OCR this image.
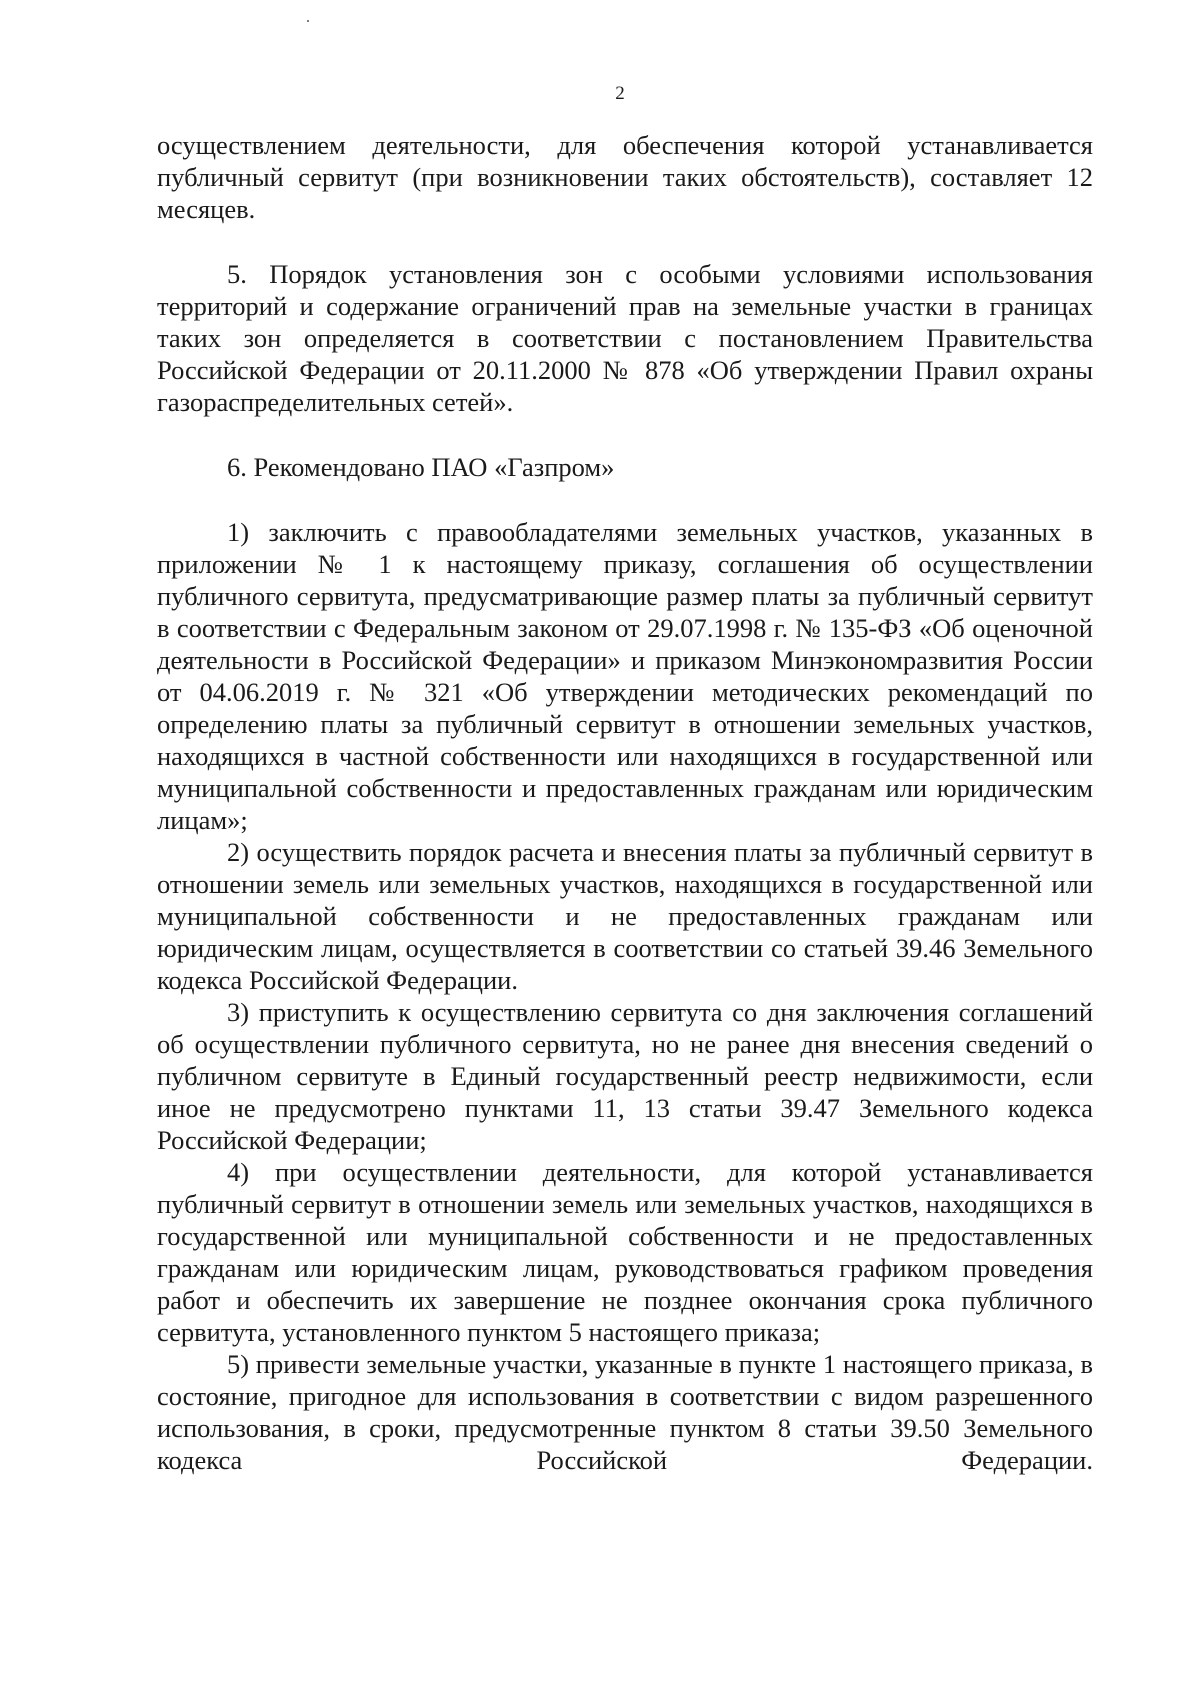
2

осуществлением деятельности, для обеспечения которой устанавливается публичный сервитут (при возникновении таких обстоятельств), составляет 12 месяцев.

5. Порядок установления зон с особыми условиями использования территорий и содержание ограничений прав на земельные участки в границах таких зон определяется в соответствии с постановлением Правительства Российской Федерации от 20.11.2000 № 878 «Об утверждении Правил охраны газораспределительных сетей».

6. Рекомендовано ПАО «Газпром»

1) заключить с правообладателями земельных участков, указанных в приложении № 1 к настоящему приказу, соглашения об осуществлении публичного сервитута, предусматривающие размер платы за публичный сервитут в соответствии с Федеральным законом от 29.07.1998 г. № 135-ФЗ «Об оценочной деятельности в Российской Федерации» и приказом Минэкономразвития России от 04.06.2019 г. № 321 «Об утверждении методических рекомендаций по определению платы за публичный сервитут в отношении земельных участков, находящихся в частной собственности или находящихся в государственной или муниципальной собственности и предоставленных гражданам или юридическим лицам»;

2) осуществить порядок расчета и внесения платы за публичный сервитут в отношении земель или земельных участков, находящихся в государственной или муниципальной собственности и не предоставленных гражданам или юридическим лицам, осуществляется в соответствии со статьей 39.46 Земельного кодекса Российской Федерации.

3) приступить к осуществлению сервитута со дня заключения соглашений об осуществлении публичного сервитута, но не ранее дня внесения сведений о публичном сервитуте в Единый государственный реестр недвижимости, если иное не предусмотрено пунктами 11, 13 статьи 39.47 Земельного кодекса Российской Федерации;

4) при осуществлении деятельности, для которой устанавливается публичный сервитут в отношении земель или земельных участков, находящихся в государственной или муниципальной собственности и не предоставленных гражданам или юридическим лицам, руководствоваться графиком проведения работ и обеспечить их завершение не позднее окончания срока публичного сервитута, установленного пунктом 5 настоящего приказа;

5) привести земельные участки, указанные в пункте 1 настоящего приказа, в состояние, пригодное для использования в соответствии с видом разрешенного использования, в сроки, предусмотренные пунктом 8 статьи 39.50 Земельного кодекса Российской Федерации.
